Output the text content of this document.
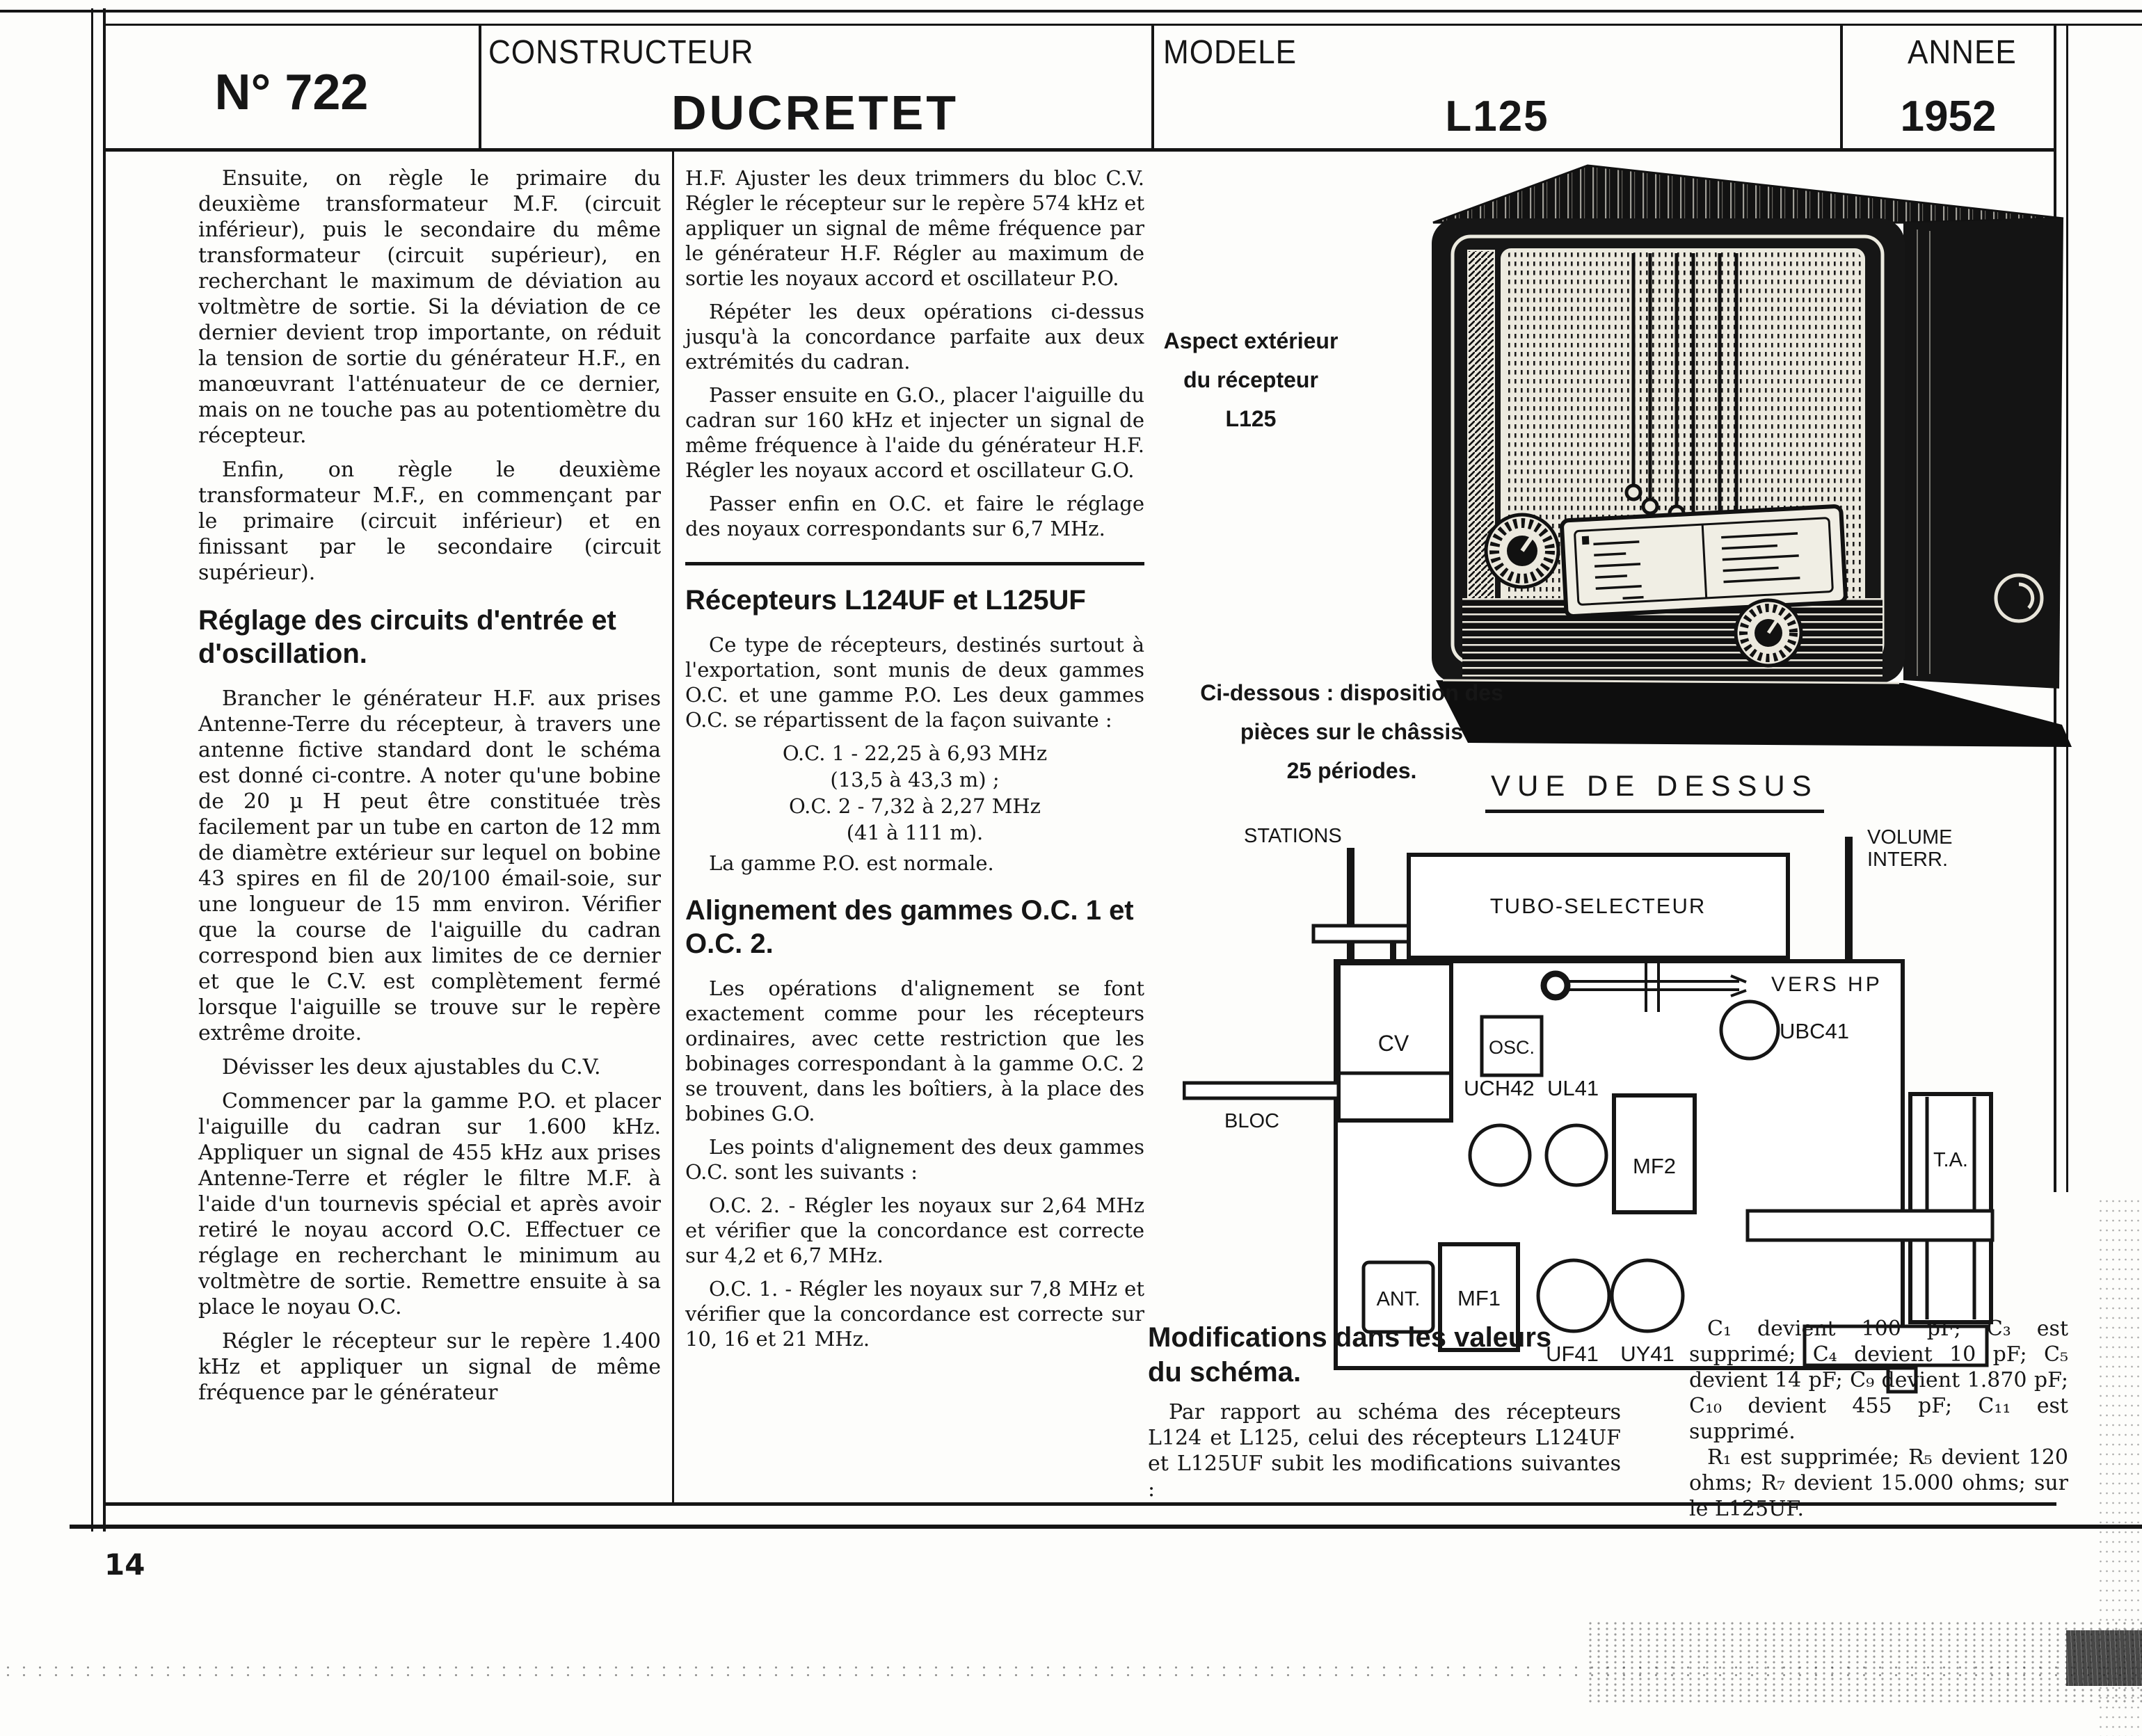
N° 722
CONSTRUCTEUR
DUCRETET
MODELE
L125
ANNEE
1952

Ensuite, on règle le primaire du deuxième transformateur M.F. (circuit inférieur), puis le secondaire du même transformateur (circuit supérieur), en recherchant le maximum de déviation au voltmètre de sortie. Si la déviation de ce dernier devient trop importante, on réduit la tension de sortie du générateur H.F., en manœuvrant l'atténuateur de ce dernier, mais on ne touche pas au potentiomètre du récepteur.

Enfin, on règle le deuxième transformateur M.F., en commençant par le primaire (circuit inférieur) et en finissant par le secondaire (circuit supérieur).

Réglage des circuits d'entrée et d'oscillation.

Brancher le générateur H.F. aux prises Antenne-Terre du récepteur, à travers une antenne fictive standard dont le schéma est donné ci-contre. A noter qu'une bobine de 20 µ H peut être constituée très facilement par un tube en carton de 12 mm de diamètre extérieur sur lequel on bobine 43 spires en fil de 20/100 émail-soie, sur une longueur de 15 mm environ. Vérifier que la course de l'aiguille du cadran correspond bien aux limites de ce dernier et que le C.V. est complètement fermé lorsque l'aiguille se trouve sur le repère extrême droite.

Dévisser les deux ajustables du C.V.

Commencer par la gamme P.O. et placer l'aiguille du cadran sur 1.600 kHz. Appliquer un signal de 455 kHz aux prises Antenne-Terre et régler le filtre M.F. à l'aide d'un tournevis spécial et après avoir retiré le noyau accord O.C. Effectuer ce réglage en recherchant le minimum au voltmètre de sortie. Remettre ensuite à sa place le noyau O.C.

Régler le récepteur sur le repère 1.400 kHz et appliquer un signal de même fréquence par le générateur

H.F. Ajuster les deux trimmers du bloc C.V. Régler le récepteur sur le repère 574 kHz et appliquer un signal de même fréquence par le générateur H.F. Régler au maximum de sortie les noyaux accord et oscillateur P.O.

Répéter les deux opérations ci-dessus jusqu'à la concordance parfaite aux deux extrémités du cadran.

Passer ensuite en G.O., placer l'aiguille du cadran sur 160 kHz et injecter un signal de même fréquence à l'aide du générateur H.F. Régler les noyaux accord et oscillateur G.O.

Passer enfin en O.C. et faire le réglage des noyaux correspondants sur 6,7 MHz.

Récepteurs L124UF et L125UF

Ce type de récepteurs, destinés surtout à l'exportation, sont munis de deux gammes O.C. et une gamme P.O. Les deux gammes O.C. se répartissent de la façon suivante :

O.C. 1 - 22,25 à 6,93 MHz
(13,5 à 43,3 m) ;
O.C. 2 - 7,32 à 2,27 MHz
(41 à 111 m).

La gamme P.O. est normale.

Alignement des gammes O.C. 1 et O.C. 2.

Les opérations d'alignement se font exactement comme pour les récepteurs ordinaires, avec cette restriction que les bobinages correspondant à la gamme O.C. 2 se trouvent, dans les boîtiers, à la place des bobines G.O.

Les points d'alignement des deux gammes O.C. sont les suivants :

O.C. 2. - Régler les noyaux sur 2,64 MHz et vérifier que la concordance est correcte sur 4,2 et 6,7 MHz.

O.C. 1. - Régler les noyaux sur 7,8 MHz et vérifier que la concordance est correcte sur 10, 16 et 21 MHz.

Aspect extérieur
du récepteur
L125
Ci-dessous : disposition des
pièces sur le châssis
25 périodes.	VUE DE DESSUS
STATIONS	VOLUME
INTERR.
TUBO-SELECTEUR
VERS HP
UBC41
CV	OSC.
UCH42 UL41
MF2
BLOC
ANT. MF1
UF41 UY41
T.A.
Modifications dans les valeurs
du schéma.

Par rapport au schéma des récepteurs L124 et L125, celui des récepteurs L124UF et L125UF subit les modifications suivantes :

C₁ devient 100 pF; C₃ est supprimé; C₄ devient 10 pF; C₅ devient 14 pF; C₉ devient 1.870 pF; C₁₀ devient 455 pF; C₁₁ est supprimé.

R₁ est supprimée; R₅ devient 120 ohms; R₇ devient 15.000 ohms; sur le L125UF.

14
